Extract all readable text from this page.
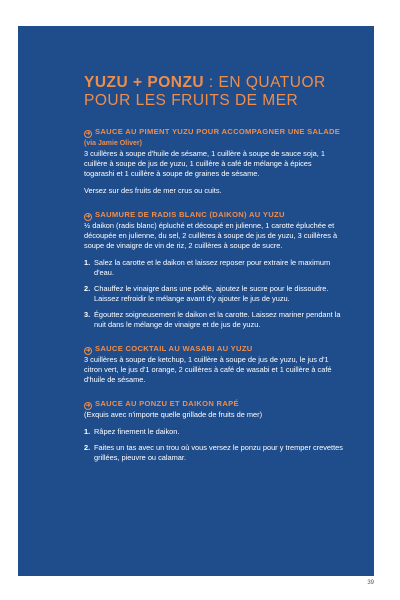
YUZU + PONZU : EN QUATUOR
POUR LES FRUITS DE MER

➜ SAUCE AU PIMENT YUZU POUR ACCOMPAGNER UNE SALADE (via Jamie Oliver)

3 cuillères à soupe d'huile de sésame, 1 cuillère à soupe de sauce soja, 1 cuillère à soupe de jus de yuzu, 1 cuillère à café de mélange à épices togarashi et 1 cuillère à soupe de graines de sésame.

Versez sur des fruits de mer crus ou cuits.

➜ SAUMURE DE RADIS BLANC (DAIKON) AU YUZU

½ daikon (radis blanc) épluché et découpé en julienne, 1 carotte épluchée et découpée en julienne, du sel, 2 cuillères à soupe de jus de yuzu, 3 cuillères à soupe de vinaigre de vin de riz, 2 cuillères à soupe de sucre.

1. Salez la carotte et le daikon et laissez reposer pour extraire le maximum d'eau.
2. Chauffez le vinaigre dans une poêle, ajoutez le sucre pour le dissoudre. Laissez refroidir le mélange avant d'y ajouter le jus de yuzu.
3. Égouttez soigneusement le daikon et la carotte. Laissez mariner pendant la nuit dans le mélange de vinaigre et de jus de yuzu.

➜ SAUCE COCKTAIL AU WASABI AU YUZU

3 cuillères à soupe de ketchup, 1 cuillère à soupe de jus de yuzu, le jus d'1 citron vert, le jus d'1 orange, 2 cuillères à café de wasabi et 1 cuillère à café d'huile de sésame.

➜ SAUCE AU PONZU ET DAIKON RAPÉ

(Exquis avec n'importe quelle grillade de fruits de mer)

1. Râpez finement le daikon.
2. Faites un tas avec un trou où vous versez le ponzu pour y tremper crevettes grillées, pieuvre ou calamar.
39
